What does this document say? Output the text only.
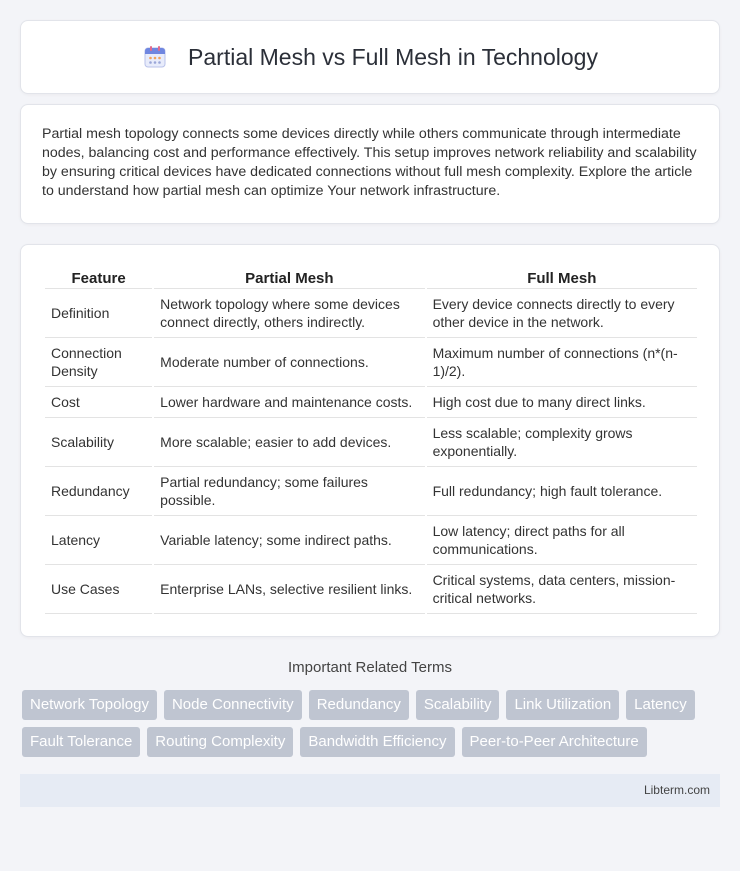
Partial Mesh vs Full Mesh in Technology

Partial mesh topology connects some devices directly while others communicate through intermediate nodes, balancing cost and performance effectively. This setup improves network reliability and scalability by ensuring critical devices have dedicated connections without full mesh complexity. Explore the article to understand how partial mesh can optimize Your network infrastructure.

Feature	Partial Mesh	Full Mesh
Definition	Network topology where some devices connect directly, others indirectly.	Every device connects directly to every other device in the network.
Connection Density	Moderate number of connections.	Maximum number of connections (n*(n-1)/2).
Cost	Lower hardware and maintenance costs.	High cost due to many direct links.
Scalability	More scalable; easier to add devices.	Less scalable; complexity grows exponentially.
Redundancy	Partial redundancy; some failures possible.	Full redundancy; high fault tolerance.
Latency	Variable latency; some indirect paths.	Low latency; direct paths for all communications.
Use Cases	Enterprise LANs, selective resilient links.	Critical systems, data centers, mission-critical networks.
Important Related Terms
Network Topology	Node Connectivity	Redundancy	Scalability	Link Utilization	Latency
Fault Tolerance	Routing Complexity	Bandwidth Efficiency	Peer-to-Peer Architecture
Libterm.com
